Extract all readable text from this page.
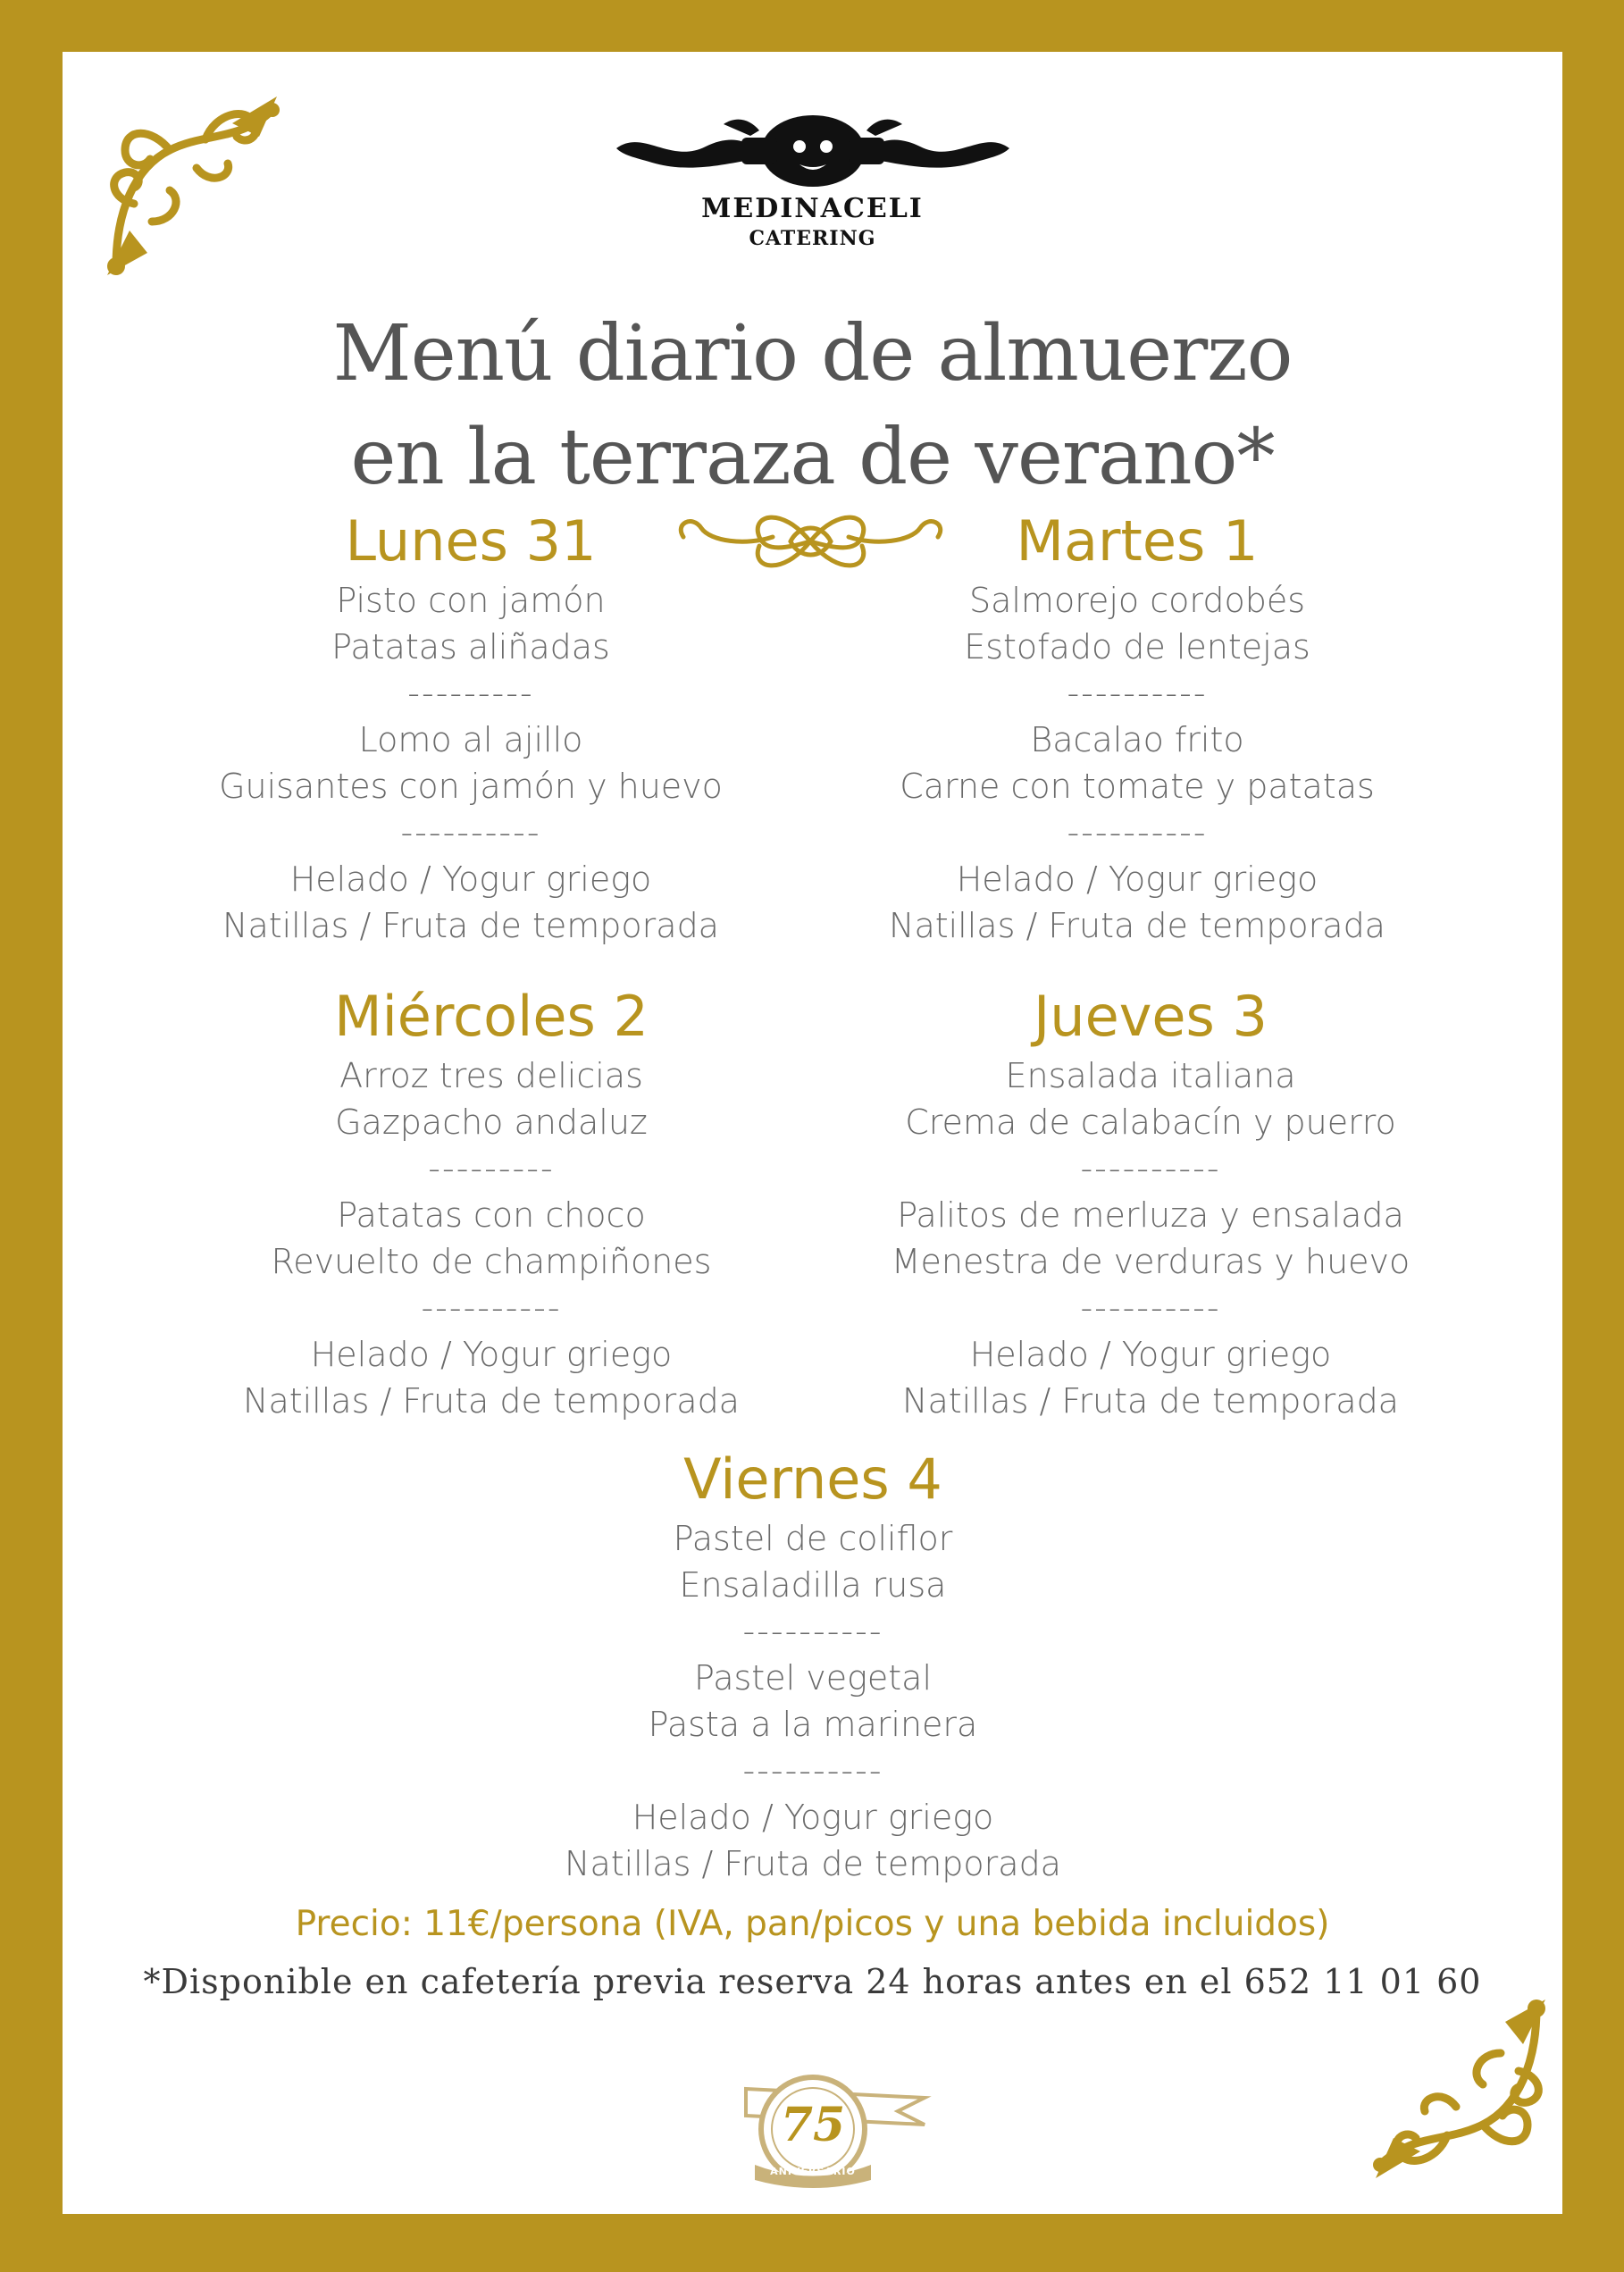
MEDINACELI
CATERING
Menú diario de almuerzo
en la terraza de verano*
Lunes 31
Pisto con jamón
Patatas aliñadas
---------
Lomo al ajillo
Guisantes con jamón y huevo
----------
Helado / Yogur griego
Natillas / Fruta de temporada
Martes 1
Salmorejo cordobés
Estofado de lentejas
----------
Bacalao frito
Carne con tomate y patatas
----------
Helado / Yogur griego
Natillas / Fruta de temporada
Miércoles 2
Arroz tres delicias
Gazpacho andaluz
---------
Patatas con choco
Revuelto de champiñones
----------
Helado / Yogur griego
Natillas / Fruta de temporada
Jueves 3
Ensalada italiana
Crema de calabacín y puerro
----------
Palitos de merluza y ensalada
Menestra de verduras y huevo
----------
Helado / Yogur griego
Natillas / Fruta de temporada
Viernes 4
Pastel de coliflor
Ensaladilla rusa
----------
Pastel vegetal
Pasta a la marinera
----------
Helado / Yogur griego
Natillas / Fruta de temporada
Precio: 11€/persona (IVA, pan/picos y una bebida incluidos)
*Disponible en cafetería previa reserva 24 horas antes en el 652 11 01 60
75
ANIVERSARIO
